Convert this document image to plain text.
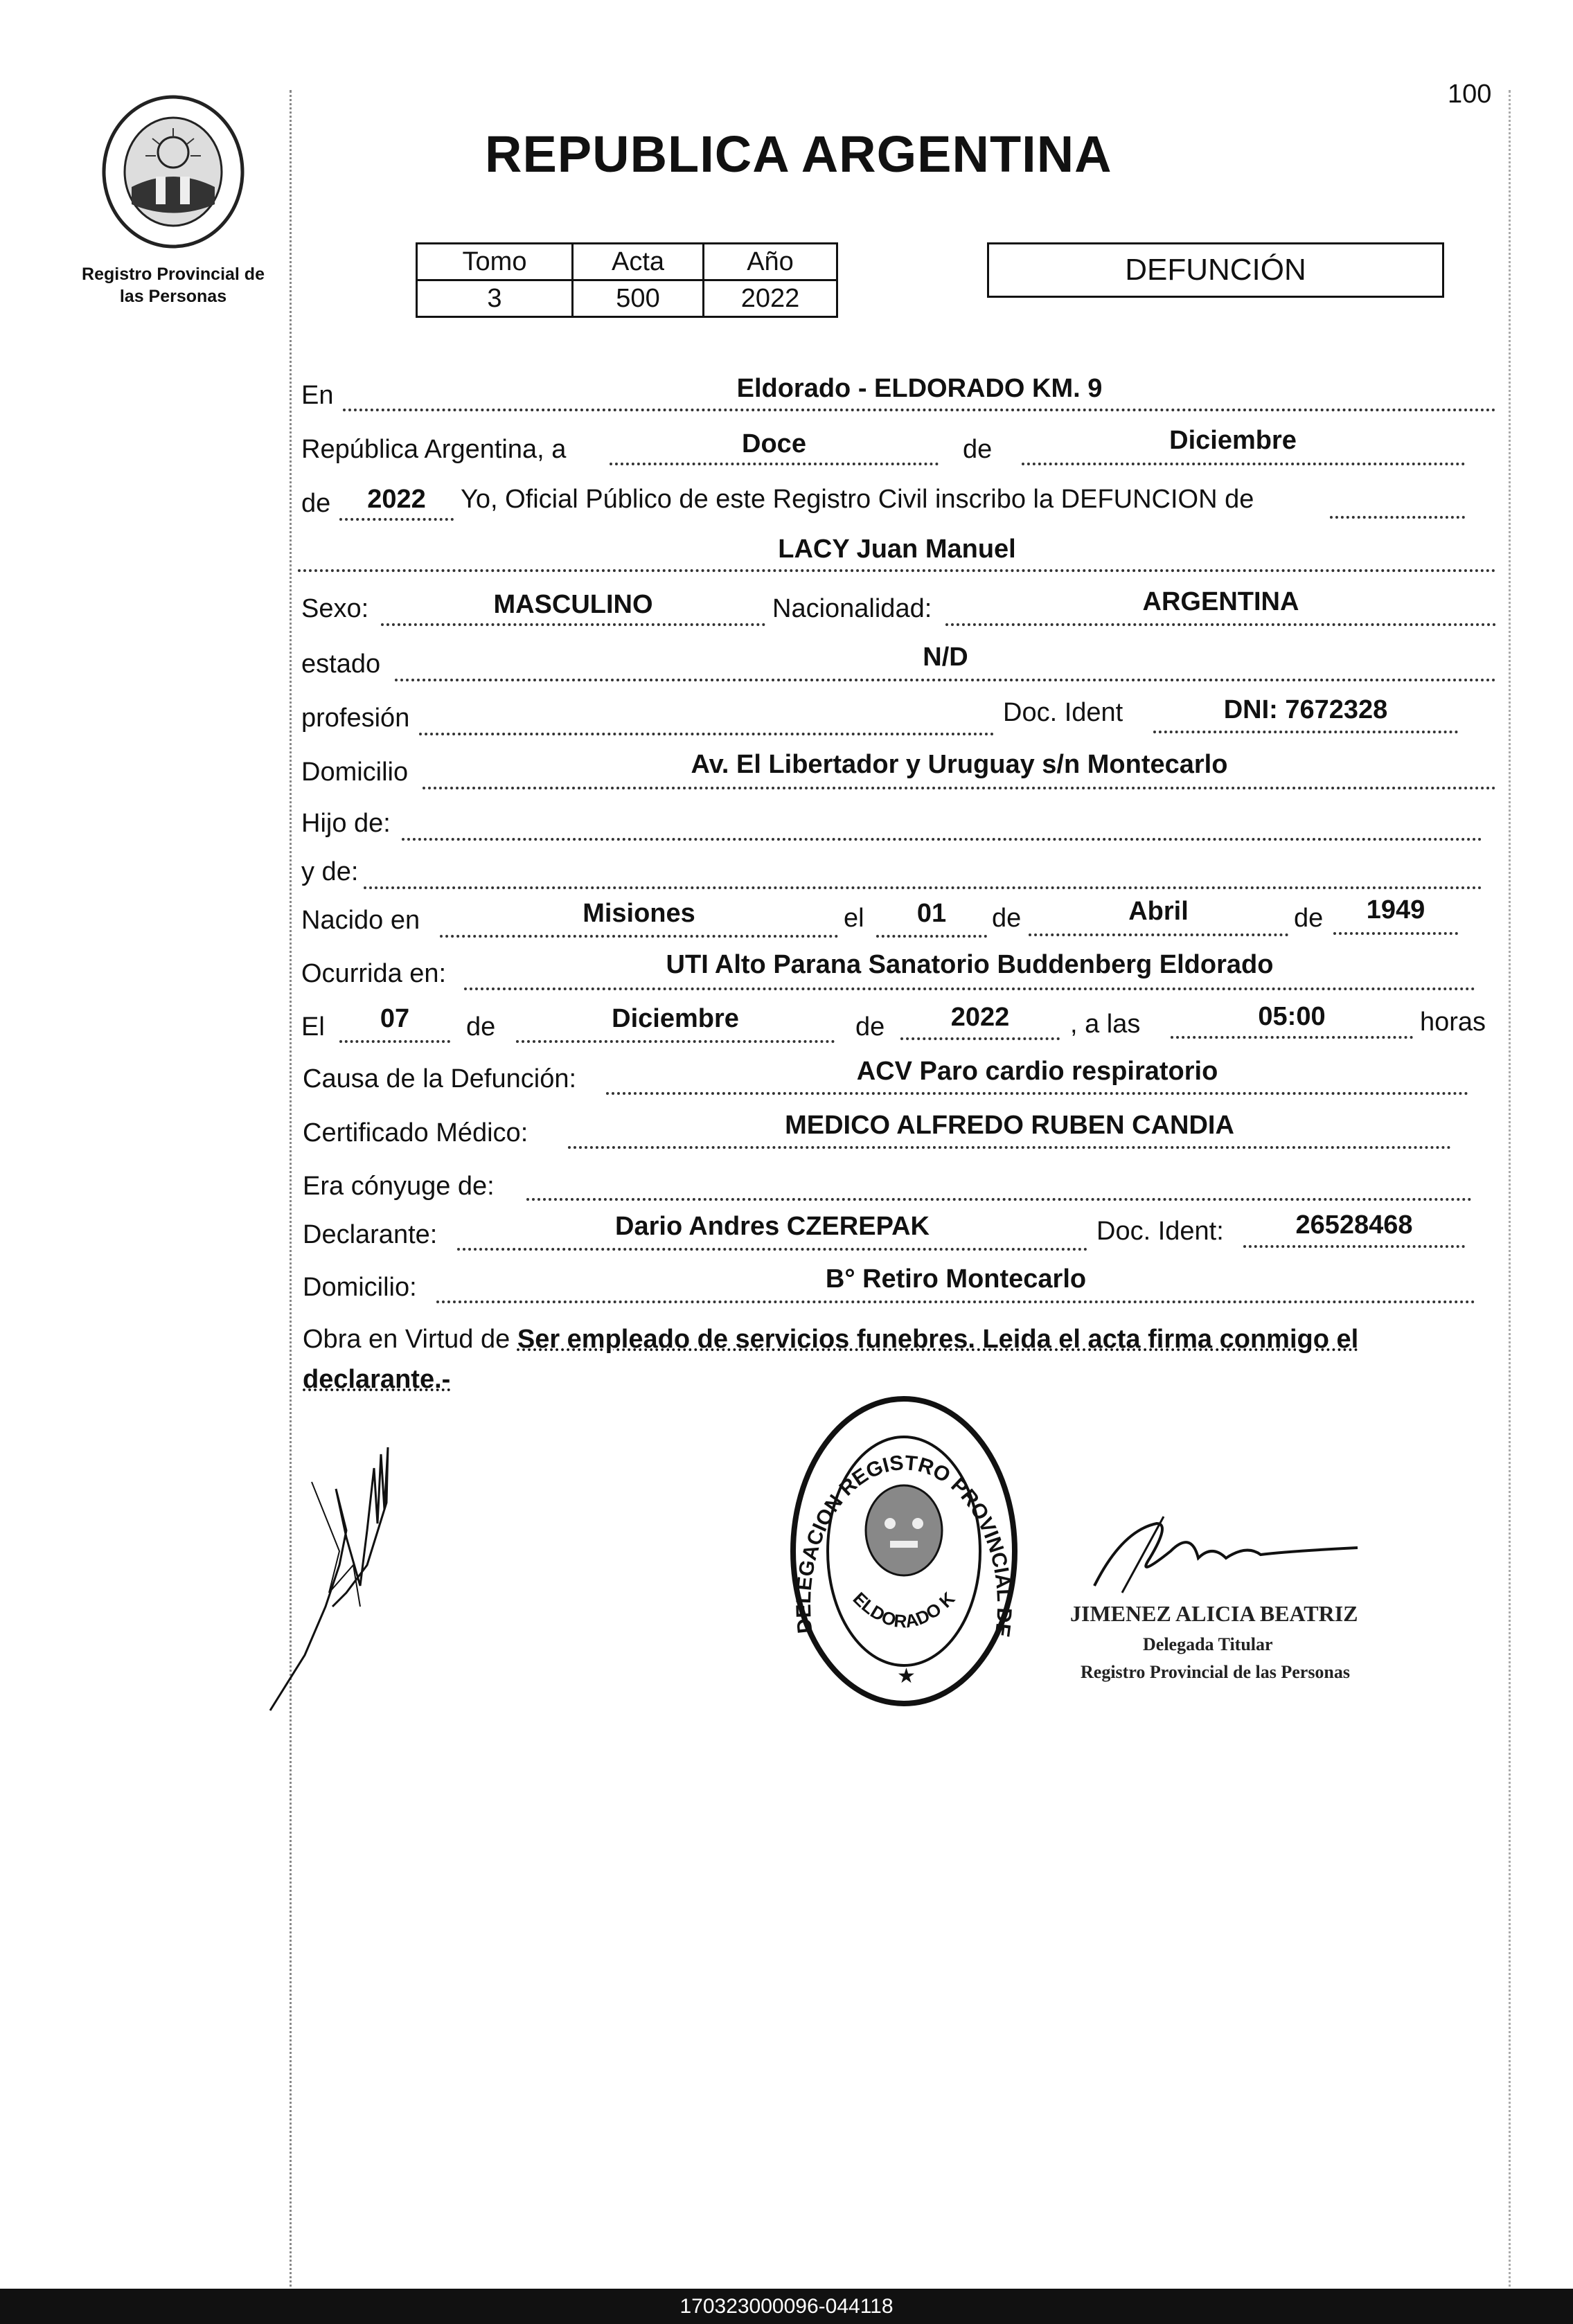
100
Registro Provincial de
las Personas
REPUBLICA ARGENTINA
Tomo	Acta	Año
3	500	2022
DEFUNCIÓN
En	Eldorado - ELDORADO KM. 9
República Argentina, a	Doce	de	Diciembre
de	2022	Yo, Oficial Público de este Registro Civil inscribo la DEFUNCION de
LACY Juan Manuel
Sexo:	MASCULINO	Nacionalidad:	ARGENTINA
estado	N/D
profesión	Doc. Ident	DNI: 7672328
Domicilio	Av. El Libertador y Uruguay s/n Montecarlo
Hijo de:
y de:
Nacido en	Misiones	el	01	de	Abril	de	1949
Ocurrida en:	UTI Alto Parana Sanatorio Buddenberg Eldorado
El	07	de	Diciembre	de	2022	, a las	05:00	horas
Causa de la Defunción:	ACV Paro cardio respiratorio
Certificado Médico:	MEDICO ALFREDO RUBEN CANDIA
Era cónyuge de:
Declarante:	Dario Andres CZEREPAK	Doc. Ident:	26528468
Domicilio:	B° Retiro Montecarlo
Obra en Virtud de Ser empleado de servicios funebres. Leida el acta firma conmigo el
declarante.-
DELEGACION REGISTRO PROVINCIAL DE
ELDORADO K
★
JIMENEZ ALICIA BEATRIZ
Delegada Titular
Registro Provincial de las Personas
170323000096-044118
